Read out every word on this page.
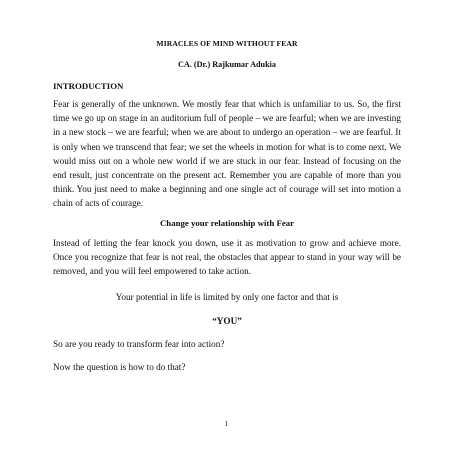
MIRACLES OF MIND WITHOUT FEAR

CA. (Dr.) Rajkumar Adukia

INTRODUCTION

Fear is generally of the unknown. We mostly fear that which is unfamiliar to us. So, the first time we go up on stage in an auditorium full of people – we are fearful; when we are investing in a new stock – we are fearful; when we are about to undergo an operation – we are fearful. It is only when we transcend that fear; we set the wheels in motion for what is to come next. We would miss out on a whole new world if we are stuck in our fear. Instead of focusing on the end result, just concentrate on the present act. Remember you are capable of more than you think. You just need to make a beginning and one single act of courage will set into motion a chain of acts of courage.

Change your relationship with Fear

Instead of letting the fear knock you down, use it as motivation to grow and achieve more. Once you recognize that fear is not real, the obstacles that appear to stand in your way will be removed, and you will feel empowered to take action.

Your potential in life is limited by only one factor and that is

“YOU”

So are you ready to transform fear into action?

Now the question is how to do that?

1
